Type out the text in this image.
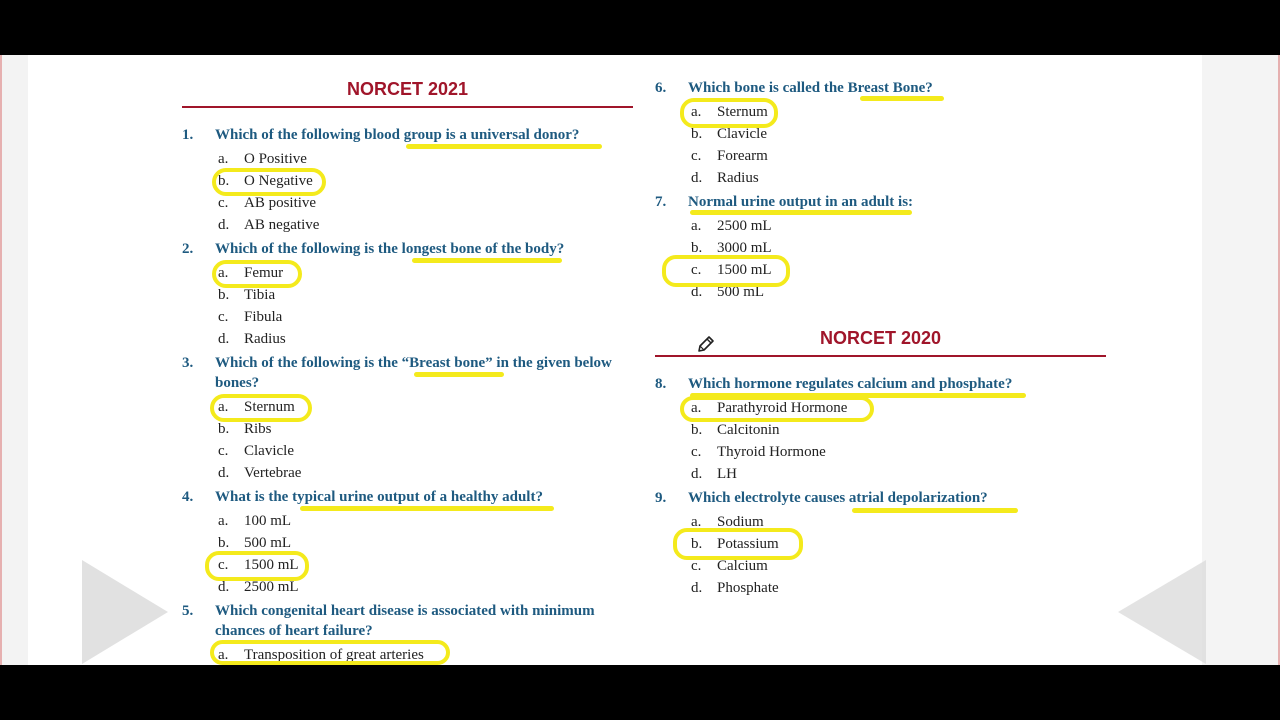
NORCET 2021
1. Which of the following blood group is a universal donor?
a. O Positive
b. O Negative
c. AB positive
d. AB negative
2. Which of the following is the longest bone of the body?
a. Femur
b. Tibia
c. Fibula
d. Radius
3. Which of the following is the “Breast bone” in the given below
bones?
a. Sternum
b. Ribs
c. Clavicle
d. Vertebrae
4. What is the typical urine output of a healthy adult?
a. 100 mL
b. 500 mL
c. 1500 mL
d. 2500 mL
5. Which congenital heart disease is associated with minimum
chances of heart failure?
a. Transposition of great arteries
6. Which bone is called the Breast Bone?
a. Sternum
b. Clavicle
c. Forearm
d. Radius
7. Normal urine output in an adult is:
a. 2500 mL
b. 3000 mL
c. 1500 mL
d. 500 mL
NORCET 2020
8. Which hormone regulates calcium and phosphate?
a. Parathyroid Hormone
b. Calcitonin
c. Thyroid Hormone
d. LH
9. Which electrolyte causes atrial depolarization?
a. Sodium
b. Potassium
c. Calcium
d. Phosphate
